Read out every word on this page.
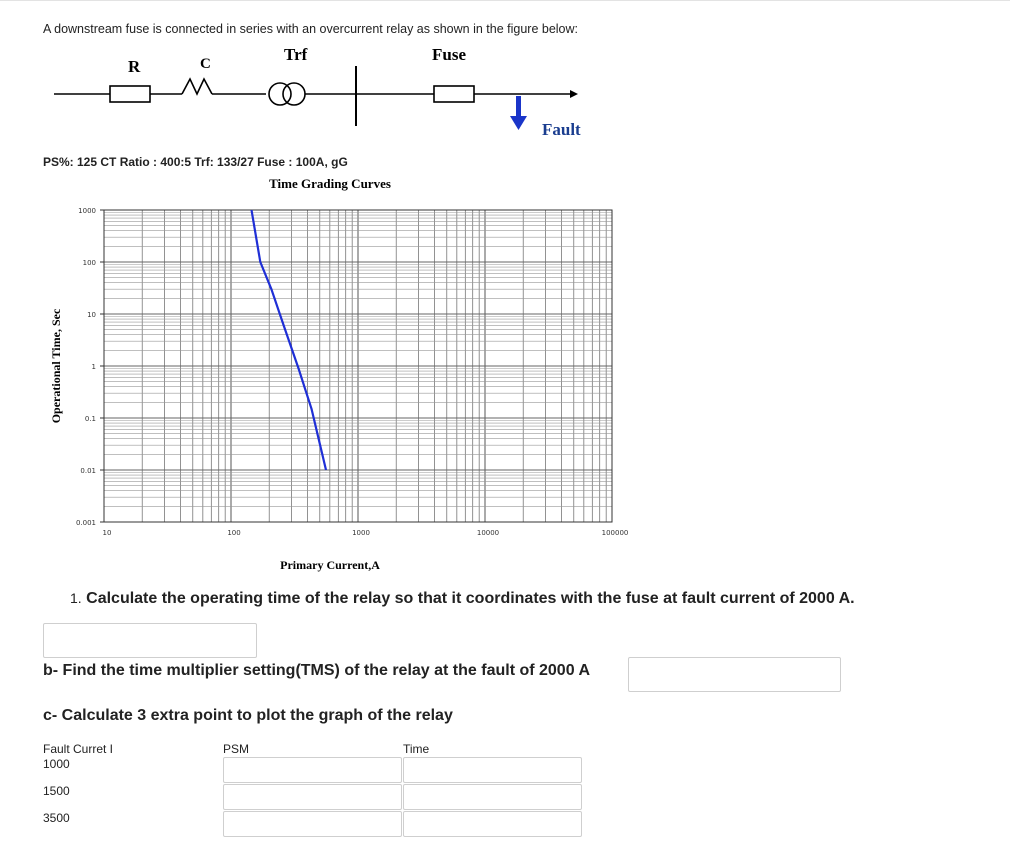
A downstream fuse is connected in series with an overcurrent relay as shown in the figure below:
R	C	Trf	Fuse
Fault
PS%: 125 CT Ratio : 400:5 Trf: 133/27 Fuse : 100A, gG
Time Grading Curves
1000
100
10
1
0.1
0.01
0.001
10	100	1000	10000	100000
Operational Time, Sec
Primary Current,A
1. Calculate the operating time of the relay so that it coordinates with the fuse at fault current of 2000 A.
b- Find the time multiplier setting(TMS) of the relay at the fault of 2000 A
c- Calculate 3 extra point to plot the graph of the relay
Fault Curret I	PSM	Time
1000
1500
3500
